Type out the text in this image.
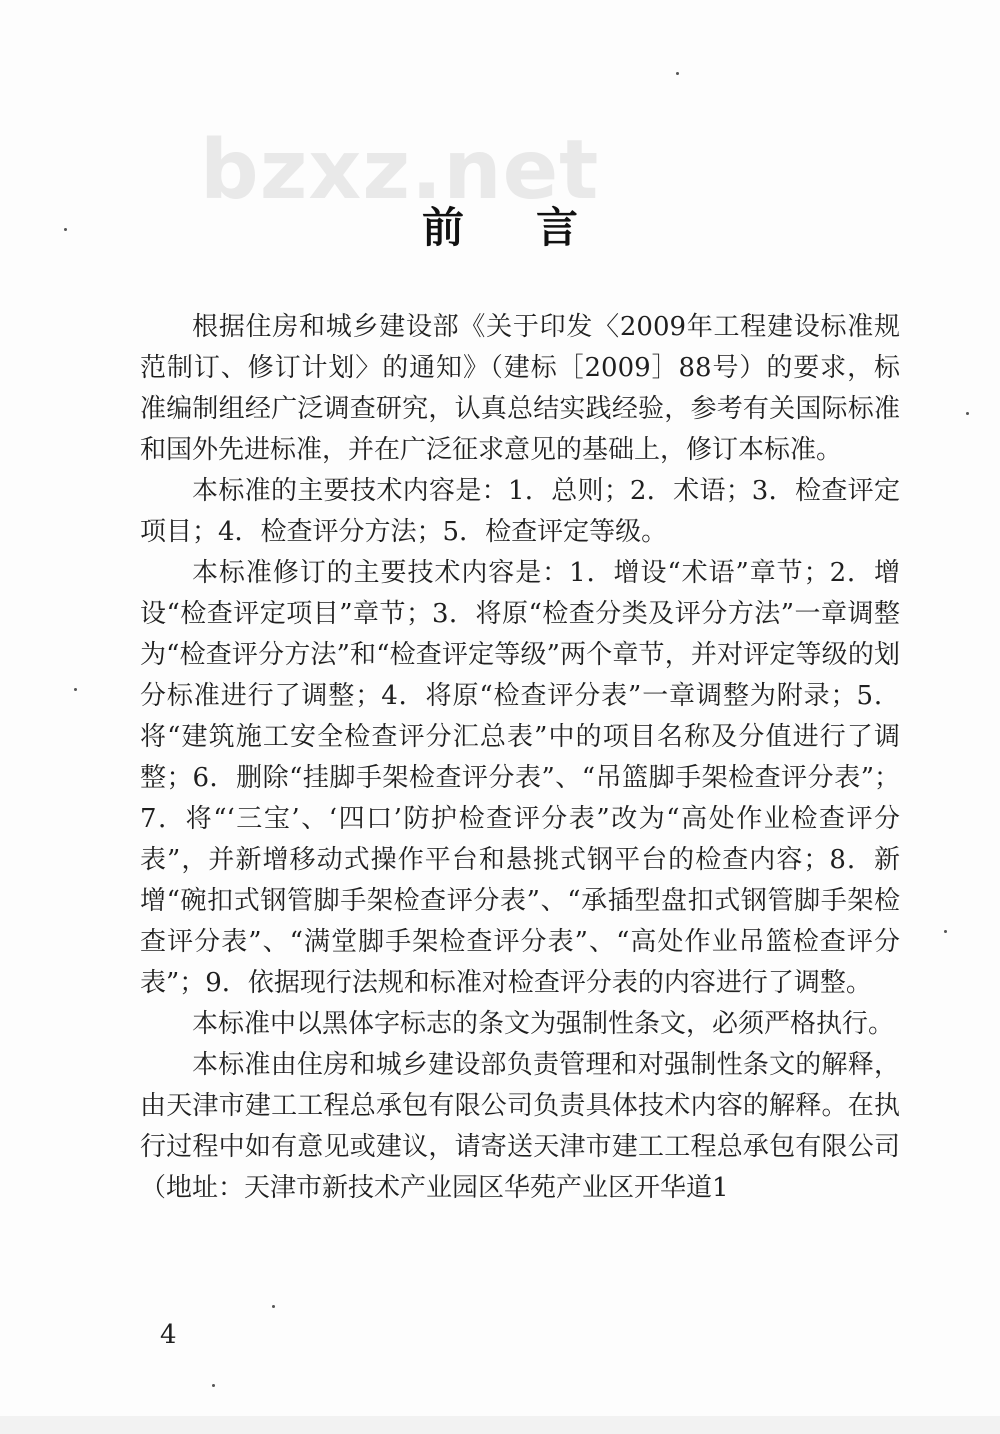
bzxz.net
前言

根据住房和城乡建设部《关于印发〈2009年工程建设标准规范制订、修订计划〉的通知》（建标［2009］88号）的要求，标准编制组经广泛调查研究，认真总结实践经验，参考有关国际标准和国外先进标准，并在广泛征求意见的基础上，修订本标准。

本标准的主要技术内容是：1．总则；2．术语；3．检查评定项目；4．检查评分方法；5．检查评定等级。

本标准修订的主要技术内容是：1．增设“术语”章节；2．增设“检查评定项目”章节；3．将原“检查分类及评分方法”一章调整为“检查评分方法”和“检查评定等级”两个章节，并对评定等级的划分标准进行了调整；4．将原“检查评分表”一章调整为附录；5．将“建筑施工安全检查评分汇总表”中的项目名称及分值进行了调整；6．删除“挂脚手架检查评分表”、“吊篮脚手架检查评分表”；7．将“‘三宝’、‘四口’防护检查评分表”改为“高处作业检查评分表”，并新增移动式操作平台和悬挑式钢平台的检查内容；8．新增“碗扣式钢管脚手架检查评分表”、“承插型盘扣式钢管脚手架检查评分表”、“满堂脚手架检查评分表”、“高处作业吊篮检查评分表”；9．依据现行法规和标准对检查评分表的内容进行了调整。

本标准中以黑体字标志的条文为强制性条文，必须严格执行。

本标准由住房和城乡建设部负责管理和对强制性条文的解释，由天津市建工工程总承包有限公司负责具体技术内容的解释。在执行过程中如有意见或建议，请寄送天津市建工工程总承包有限公司（地址：天津市新技术产业园区华苑产业区开华道1

4
